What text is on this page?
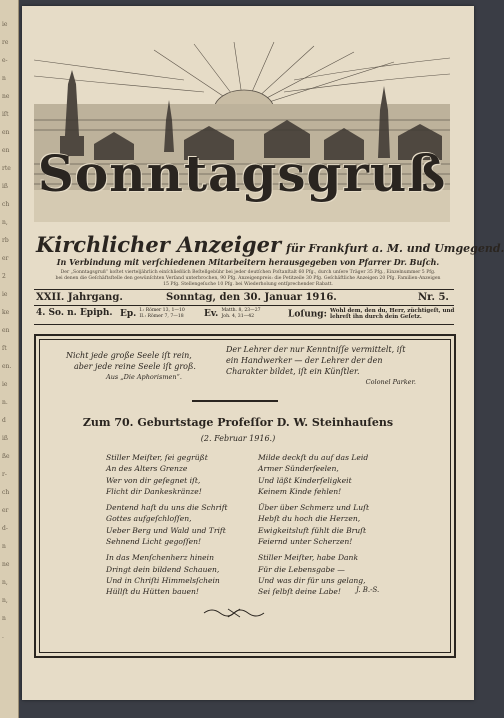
ie
re
e-
n
ne
iſt
en
en
rte
iß
ch
n,
rb
er
2
ie
ke
en
ſt
en.
ie
n.
d
iß
ße
r-
ch
er
d-
n
ne
n,
n,
n
.
Sonntagsgruß
Kirchlicher Anzeiger für Frankfurt a. M. und Umgegend.
In Verbindung mit verſchiedenen Mitarbeitern herausgegeben von Pfarrer Dr. Buſch.
Der „Sonntagsgruß“ koſtet vierteljährlich einſchließlich Beſtellgebühr bei jeder deutſchen Poſtanſtalt 60 Pfg., durch unſere Träger 35 Pfg., Einzelnummer 5 Pfg.
bei denen die Geſchäftsſtelle den gewünſchten Verſand unterbrochen, 90 Pfg. Anzeigenpreis: die Petitzeile 30 Pfg. Geſchäftliche Anzeigen 20 Pfg. Familien-Anzeigen
15 Pfg. Stellengeſuche 10 Pfg. bei Wiederholung entſprechender Rabatt.
XXII. Jahrgang.	Sonntag, den 30. Januar 1916.	Nr. 5.
4. So. n. Epiph. Ep. I.: Römer 13, 1—10
II.: Römer 7, 7—18 Ev. Matth. 8, 23—27
Joh. 4, 31—42	Loſung: Wohl dem, den du, Herr, züchtigeſt, und
lehreſt ihn durch dein Geſetz.
Nicht jede große Seele iſt rein,
aber jede reine Seele iſt groß.
Aus „Die Aphorismen“.
Der Lehrer der nur Kenntniſſe vermittelt, iſt
ein Handwerker — der Lehrer der den
Charakter bildet, iſt ein Künſtler.
Colonel Parker.
Zum 70. Geburtstage Profeſſor D. W. Steinhauſens
(2. Februar 1916.)
Stiller Meiſter, ſei gegrüßt
An des Alters Grenze
Wer von dir geſegnet iſt,
Flicht dir Dankeskränze!
Dentend haſt du uns die Schrift
Gottes aufgeſchloſſen,
Ueber Berg und Wald und Trift
Sehnend Licht gegoſſen!
In das Menſchenherz hinein
Dringt dein bildend Schauen,
Und in Chriſti Himmelsſchein
Hüllſt du Hütten bauen!
Milde deckſt du auf das Leid
Armer Sünderſeelen,
Und läßt Kinderſeligkeit
Keinem Kinde fehlen!
Über über Schmerz und Luſt
Hebſt du hoch die Herzen,
Ewigkeitsluft fühlt die Bruſt
Feiernd unter Scherzen!
Stiller Meiſter, habe Dank
Für die Lebensgabe —
Und was dir für uns gelang,
Sei ſelbſt deine Labe!	J. B.-S.
